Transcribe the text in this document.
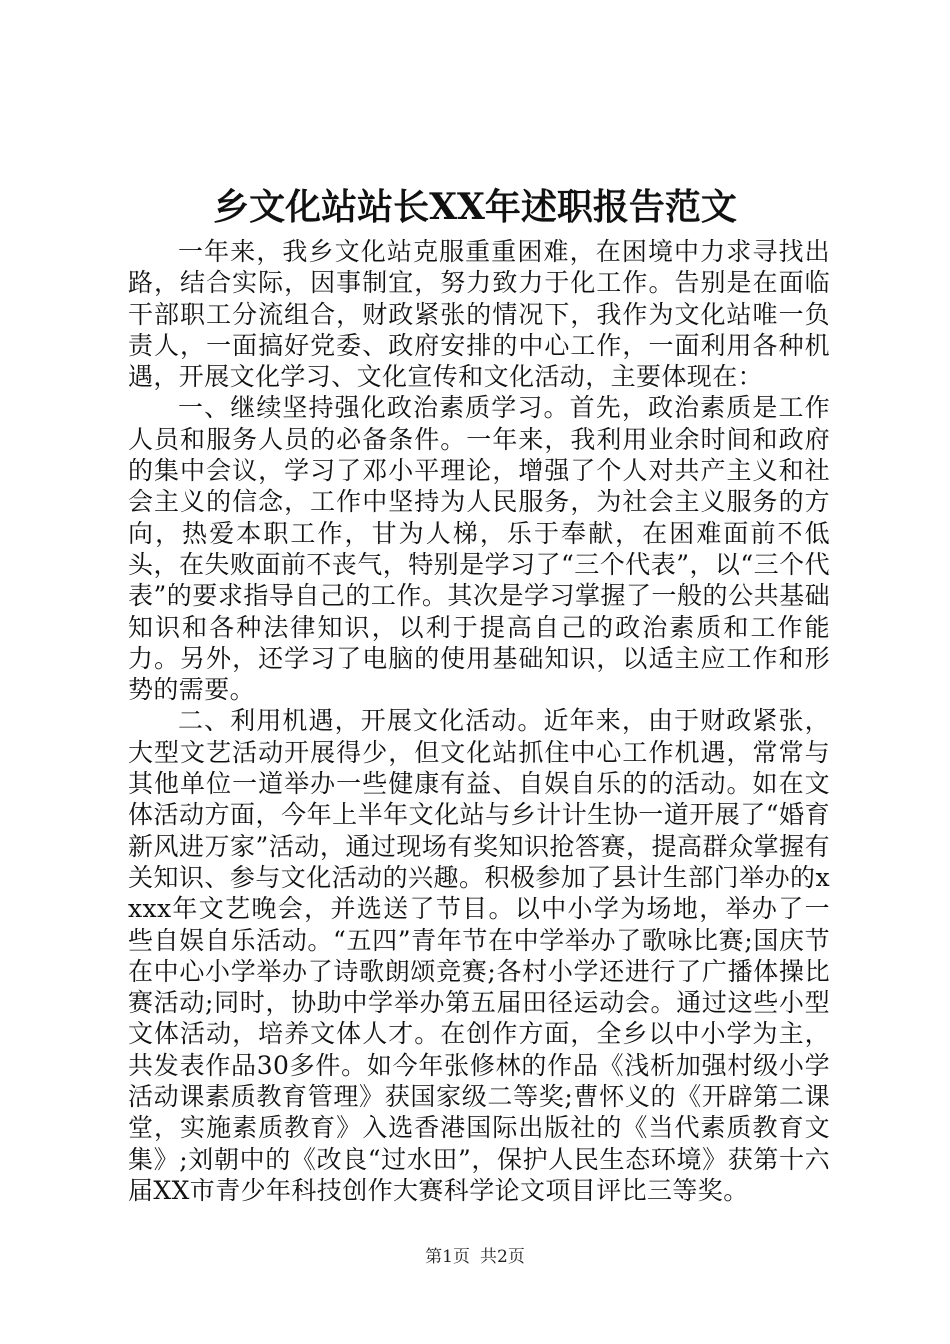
乡文化站站长XX年述职报告范文

一年来，我乡文化站克服重重困难，在困境中力求寻找出路，结合实际，因事制宜，努力致力于化工作。告别是在面临干部职工分流组合，财政紧张的情况下，我作为文化站唯一负责人，一面搞好党委、政府安排的中心工作，一面利用各种机遇，开展文化学习、文化宣传和文化活动，主要体现在：

一、继续坚持强化政治素质学习。首先，政治素质是工作人员和服务人员的必备条件。一年来，我利用业余时间和政府的集中会议，学习了邓小平理论，增强了个人对共产主义和社会主义的信念，工作中坚持为人民服务，为社会主义服务的方向，热爱本职工作，甘为人梯，乐于奉献，在困难面前不低头，在失败面前不丧气，特别是学习了“三个代表”，以“三个代表”的要求指导自己的工作。其次是学习掌握了一般的公共基础知识和各种法律知识，以利于提高自己的政治素质和工作能力。另外，还学习了电脑的使用基础知识，以适主应工作和形势的需要。

二、利用机遇，开展文化活动。近年来，由于财政紧张，大型文艺活动开展得少，但文化站抓住中心工作机遇，常常与其他单位一道举办一些健康有益、自娱自乐的的活动。如在文体活动方面，今年上半年文化站与乡计计生协一道开展了“婚育新风进万家”活动，通过现场有奖知识抢答赛，提高群众掌握有关知识、参与文化活动的兴趣。积极参加了县计生部门举办的xxxx年文艺晚会，并选送了节目。以中小学为场地，举办了一些自娱自乐活动。“五四”青年节在中学举办了歌咏比赛;国庆节在中心小学举办了诗歌朗颂竞赛;各村小学还进行了广播体操比赛活动;同时，协助中学举办第五届田径运动会。通过这些小型文体活动，培养文体人才。在创作方面，全乡以中小学为主，共发表作品30多件。如今年张修林的作品《浅析加强村级小学活动课素质教育管理》获国家级二等奖;曹怀义的《开辟第二课堂，实施素质教育》入选香港国际出版社的《当代素质教育文集》;刘朝中的《改良“过水田”，保护人民生态环境》获第十六届XX市青少年科技创作大赛科学论文项目评比三等奖。

第1页 共2页
